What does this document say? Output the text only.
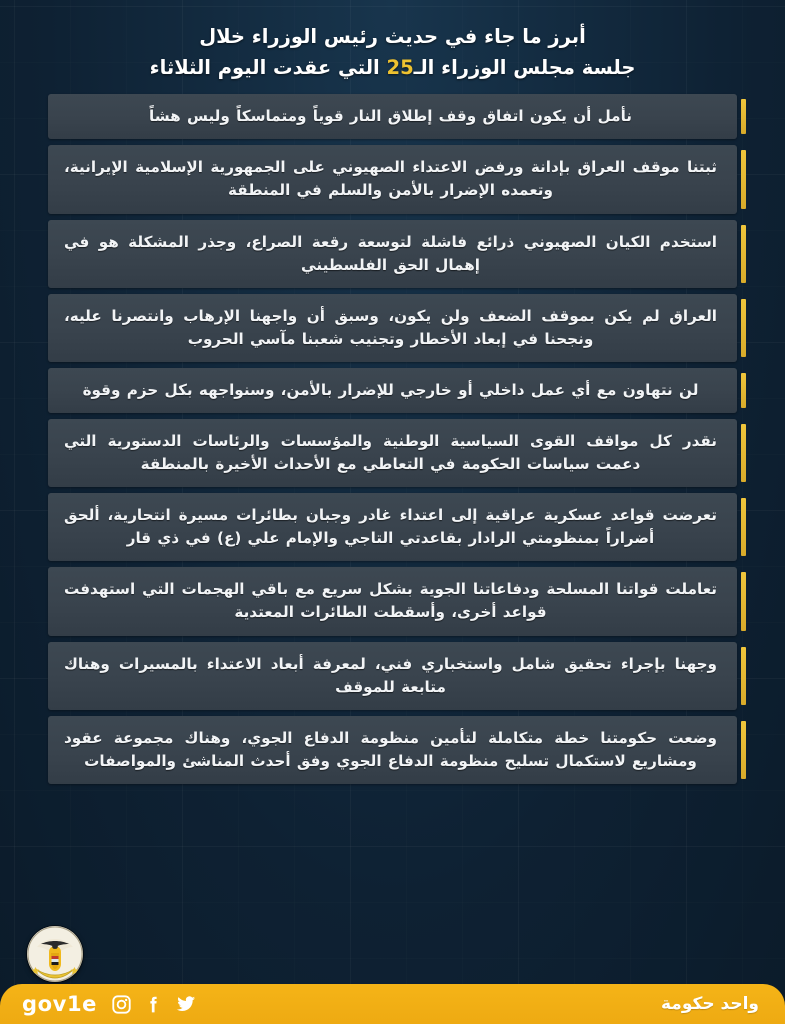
أبرز ما جاء في حديث رئيس الوزراء خلال
جلسة مجلس الوزراء الـ25 التي عقدت اليوم الثلاثاء
نأمل أن يكون اتفاق وقف إطلاق النار قوياً ومتماسكاً وليس هشاً
ثبتنا موقف العراق بإدانة ورفض الاعتداء الصهيوني على الجمهورية الإسلامية الإيرانية، وتعمده الإضرار بالأمن والسلم في المنطقة
استخدم الكيان الصهيوني ذرائع فاشلة لتوسعة رقعة الصراع، وجذر المشكلة هو في إهمال الحق الفلسطيني
العراق لم يكن بموقف الضعف ولن يكون، وسبق أن واجهنا الإرهاب وانتصرنا عليه، ونجحنا في إبعاد الأخطار وتجنيب شعبنا مآسي الحروب
لن نتهاون مع أي عمل داخلي أو خارجي للإضرار بالأمن، وسنواجهه بكل حزم وقوة
نقدر كل مواقف القوى السياسية الوطنية والمؤسسات والرئاسات الدستورية التي دعمت سياسات الحكومة في التعاطي مع الأحداث الأخيرة بالمنطقة
تعرضت قواعد عسكرية عراقية إلى اعتداء غادر وجبان بطائرات مسيرة انتحارية، ألحق أضراراً بمنظومتي الرادار بقاعدتي التاجي والإمام علي (ع) في ذي قار
تعاملت قواتنا المسلحة ودفاعاتنا الجوية بشكل سريع مع باقي الهجمات التي استهدفت قواعد أخرى، وأسقطت الطائرات المعتدية
وجهنا بإجراء تحقيق شامل واستخباري فني، لمعرفة أبعاد الاعتداء بالمسيرات وهناك متابعة للموقف
وضعت حكومتنا خطة متكاملة لتأمين منظومة الدفاع الجوي، وهناك مجموعة عقود ومشاريع لاستكمال تسليح منظومة الدفاع الجوي وفق أحدث المناشئ والمواصفات
واحد حكومة
gov1e
